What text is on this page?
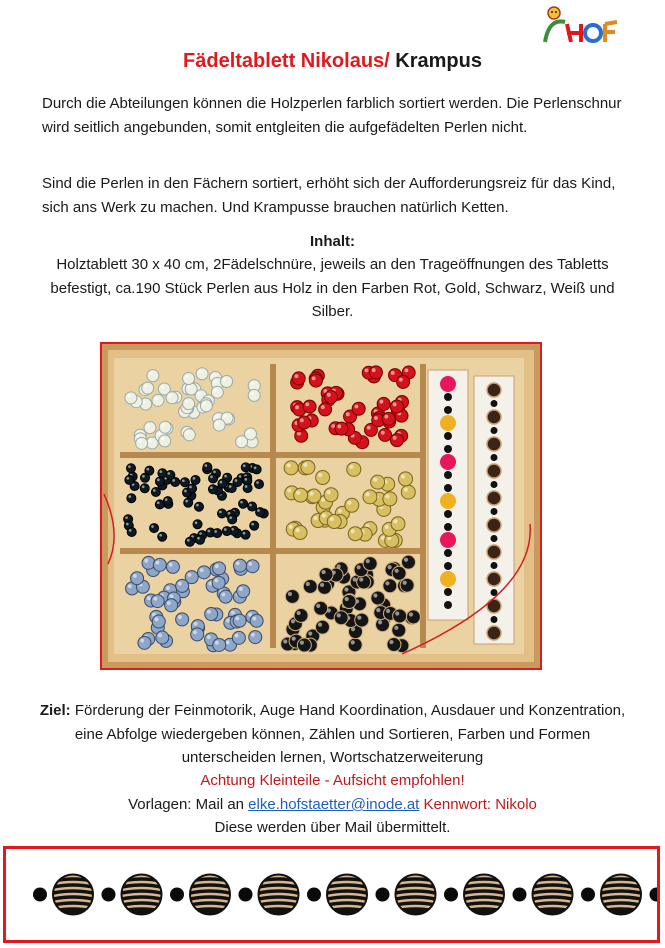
HOF
Fädeltablett Nikolaus/ Krampus
Durch die Abteilungen können die Holzperlen farblich sortiert werden. Die Perlenschnur wird seitlich angebunden, somit entgleiten die aufgefädelten Perlen nicht.
Sind die Perlen in den Fächern sortiert, erhöht sich der Aufforderungsreiz für das Kind, sich ans Werk zu machen. Und Krampusse brauchen natürlich Ketten.
Inhalt:
Holztablett 30 x 40 cm, 2Fädelschnüre, jeweils an den Trageöffnungen des Tabletts befestigt, ca.190 Stück Perlen aus Holz in den Farben Rot, Gold, Schwarz, Weiß und Silber.
Ziel: Förderung der Feinmotorik, Auge Hand Koordination, Ausdauer und Konzentration, eine Abfolge wiedergeben können, Zählen und Sortieren, Farben und Formen unterscheiden lernen, Wortschatzerweiterung
Achtung Kleinteile - Aufsicht empfohlen!
Vorlagen: Mail an elke.hofstaetter@inode.at Kennwort: Nikolo
Diese werden über Mail übermittelt.
